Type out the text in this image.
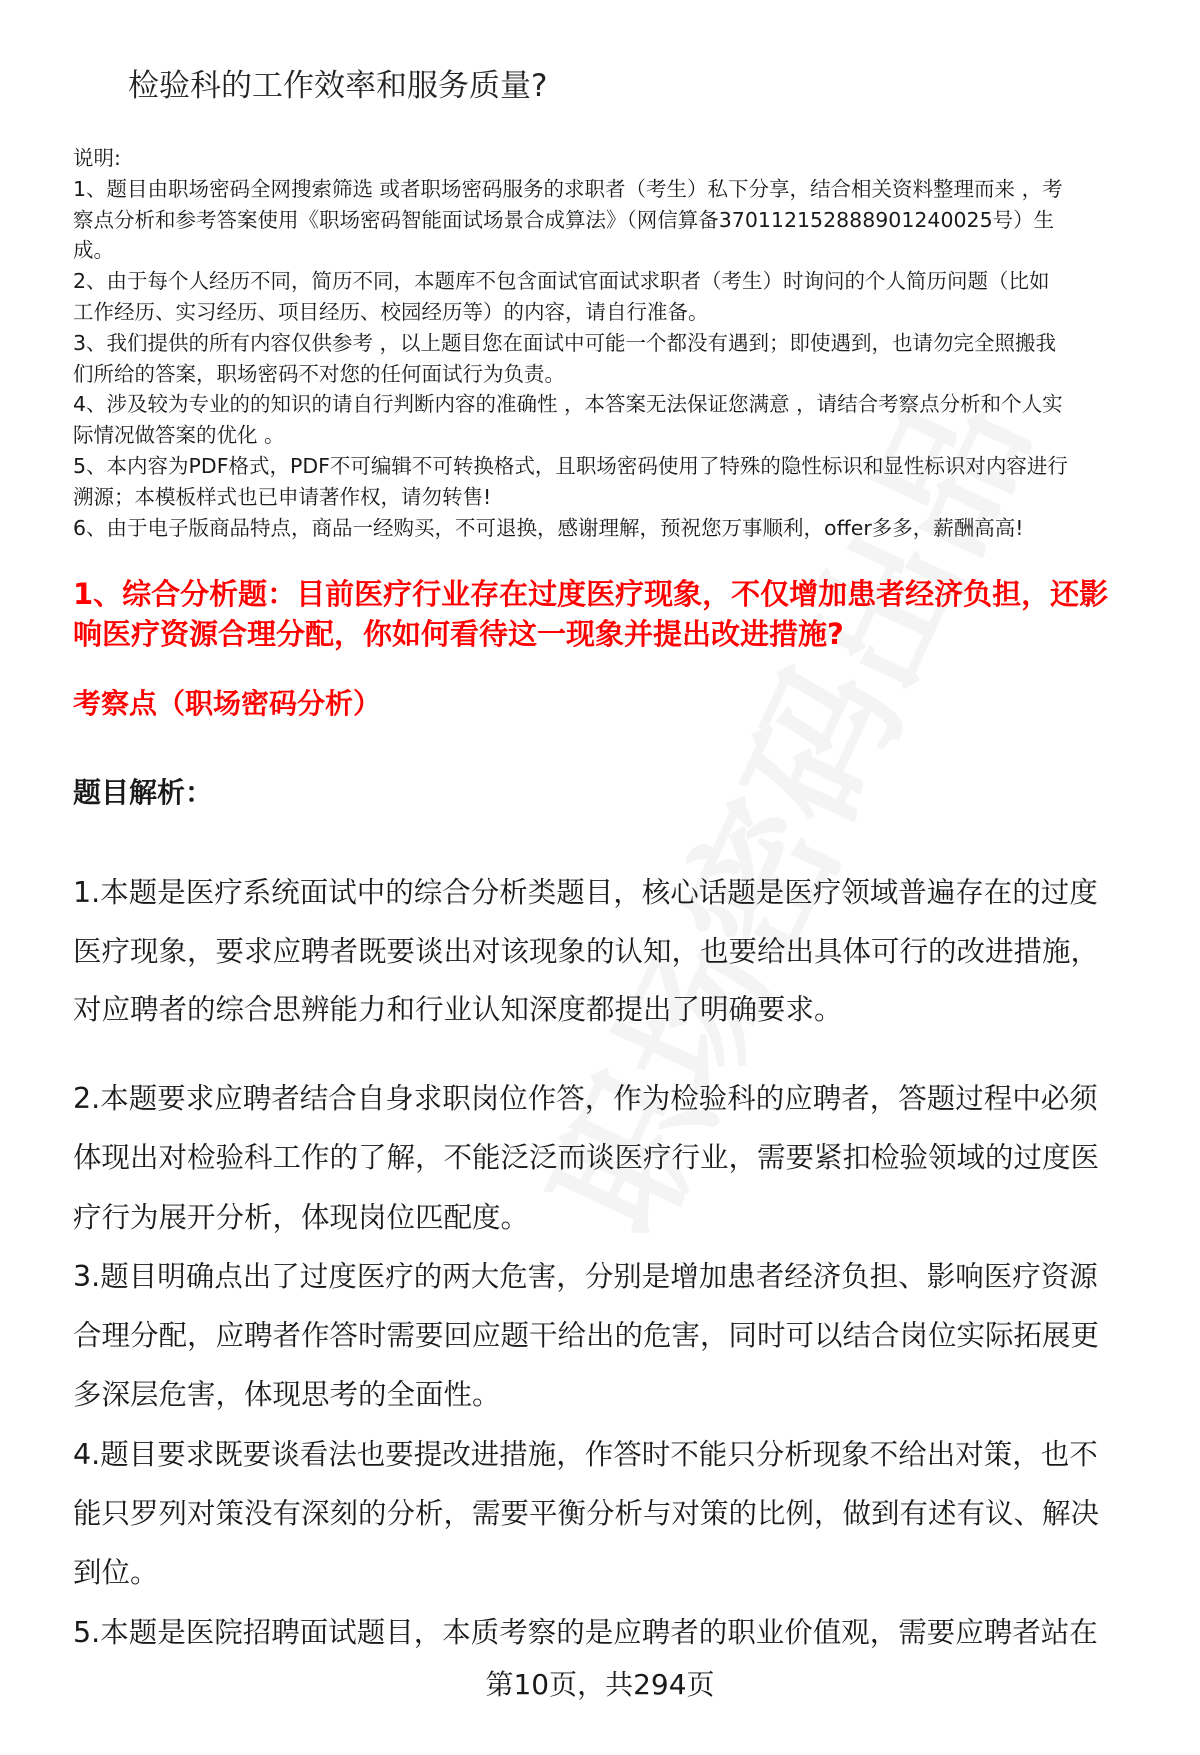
检验科的工作效率和服务质量?
说明:
1、题目由职场密码全网搜索筛选 或者职场密码服务的求职者（考生）私下分享，结合相关资料整理而来 ，考
察点分析和参考答案使用《职场密码智能面试场景合成算法》（网信算备370112152888901240025号）生
成。
2、由于每个人经历不同，简历不同，本题库不包含面试官面试求职者（考生）时询问的个人简历问题（比如
工作经历、实习经历、项目经历、校园经历等）的内容，请自行准备。
3、我们提供的所有内容仅供参考 ，以上题目您在面试中可能一个都没有遇到；即使遇到，也请勿完全照搬我
们所给的答案，职场密码不对您的任何面试行为负责。
4、涉及较为专业的的知识的请自行判断内容的准确性 ，本答案无法保证您满意 ，请结合考察点分析和个人实
际情况做答案的优化 。
5、本内容为PDF格式，PDF不可编辑不可转换格式，且职场密码使用了特殊的隐性标识和显性标识对内容进行
溯源；本模板样式也已申请著作权，请勿转售!
6、由于电子版商品特点，商品一经购买，不可退换，感谢理解，预祝您万事顺利，offer多多，薪酬高高!
1、综合分析题：目前医疗行业存在过度医疗现象，不仅增加患者经济负担，还影
响医疗资源合理分配，你如何看待这一现象并提出改进措施?
考察点（职场密码分析）
题目解析：
1.本题是医疗系统面试中的综合分析类题目，核心话题是医疗领域普遍存在的过度
医疗现象，要求应聘者既要谈出对该现象的认知，也要给出具体可行的改进措施，
对应聘者的综合思辨能力和行业认知深度都提出了明确要求。
2.本题要求应聘者结合自身求职岗位作答，作为检验科的应聘者，答题过程中必须
体现出对检验科工作的了解，不能泛泛而谈医疗行业，需要紧扣检验领域的过度医
疗行为展开分析，体现岗位匹配度。
3.题目明确点出了过度医疗的两大危害，分别是增加患者经济负担、影响医疗资源
合理分配，应聘者作答时需要回应题干给出的危害，同时可以结合岗位实际拓展更
多深层危害，体现思考的全面性。
4.题目要求既要谈看法也要提改进措施，作答时不能只分析现象不给出对策，也不
能只罗列对策没有深刻的分析，需要平衡分析与对策的比例，做到有述有议、解决
到位。
5.本题是医院招聘面试题目，本质考察的是应聘者的职业价值观，需要应聘者站在
第10页，共294页
